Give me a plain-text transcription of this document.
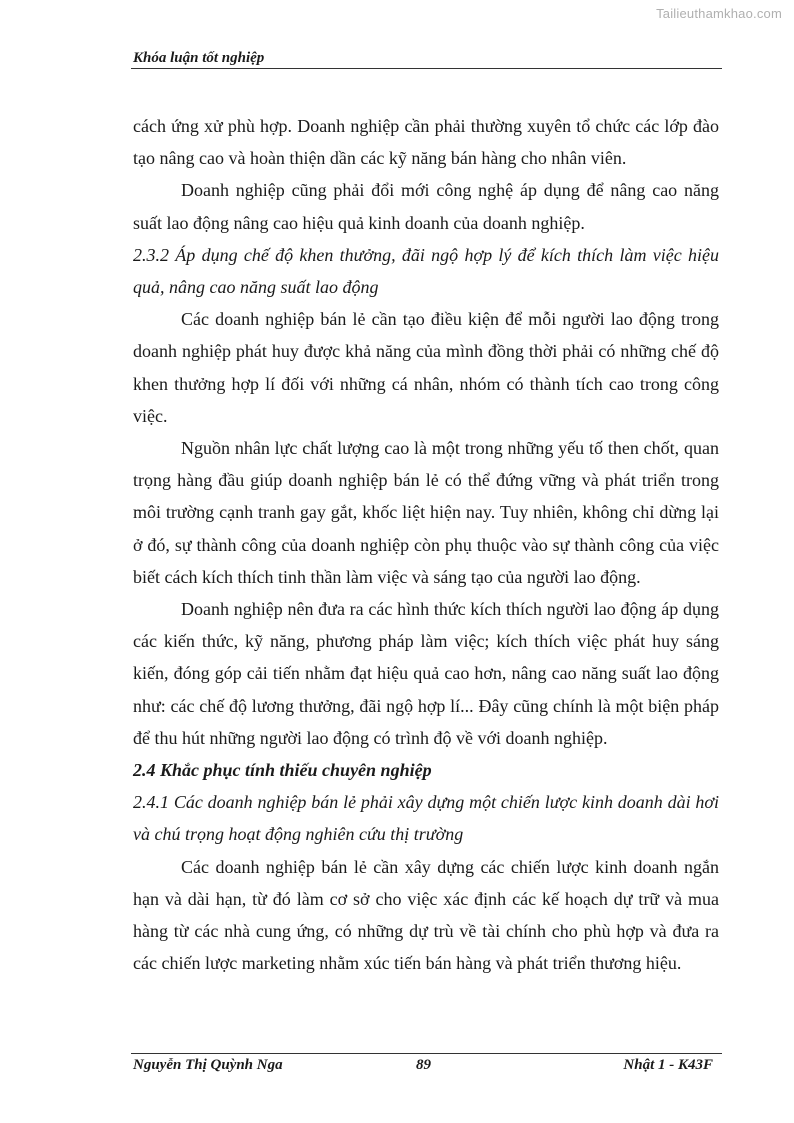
Tailieuthamkhao.com
Khóa luận tốt nghiệp

cách ứng xử phù hợp. Doanh nghiệp cần phải thường xuyên tổ chức các lớp đào tạo nâng cao và hoàn thiện dần các kỹ năng bán hàng cho nhân viên.

Doanh nghiệp cũng phải đổi mới công nghệ áp dụng để nâng cao năng suất lao động nâng cao hiệu quả kinh doanh của doanh nghiệp.

2.3.2 Áp dụng chế độ khen thưởng, đãi ngộ hợp lý để kích thích làm việc hiệu quả, nâng cao năng suất lao động

Các doanh nghiệp bán lẻ cần tạo điều kiện để mỗi người lao động trong doanh nghiệp phát huy được khả năng của mình đồng thời phải có những chế độ khen thưởng hợp lí đối với những cá nhân, nhóm có thành tích cao trong công việc.

Nguồn nhân lực chất lượng cao là một trong những yếu tố then chốt, quan trọng hàng đầu giúp doanh nghiệp bán lẻ có thể đứng vững và phát triển trong môi trường cạnh tranh gay gắt, khốc liệt hiện nay. Tuy nhiên, không chỉ dừng lại ở đó, sự thành công của doanh nghiệp còn phụ thuộc vào sự thành công của việc biết cách kích thích tinh thần làm việc và sáng tạo của người lao động.

Doanh nghiệp nên đưa ra các hình thức kích thích người lao động áp dụng các kiến thức, kỹ năng, phương pháp làm việc; kích thích việc phát huy sáng kiến, đóng góp cải tiến nhằm đạt hiệu quả cao hơn, nâng cao năng suất lao động như: các chế độ lương thưởng, đãi ngộ hợp lí... Đây cũng chính là một biện pháp để thu hút những người lao động có trình độ về với doanh nghiệp.

2.4 Khắc phục tính thiếu chuyên nghiệp

2.4.1 Các doanh nghiệp bán lẻ phải xây dựng một chiến lược kinh doanh dài hơi và chú trọng hoạt động nghiên cứu thị trường

Các doanh nghiệp bán lẻ cần xây dựng các chiến lược kinh doanh ngắn hạn và dài hạn, từ đó làm cơ sở cho việc xác định các kế hoạch dự trữ và mua hàng từ các nhà cung ứng, có những dự trù về tài chính cho phù hợp và đưa ra các chiến lược marketing nhằm xúc tiến bán hàng và phát triển thương hiệu.

Nguyễn Thị Quỳnh Nga	89	Nhật 1 - K43F
